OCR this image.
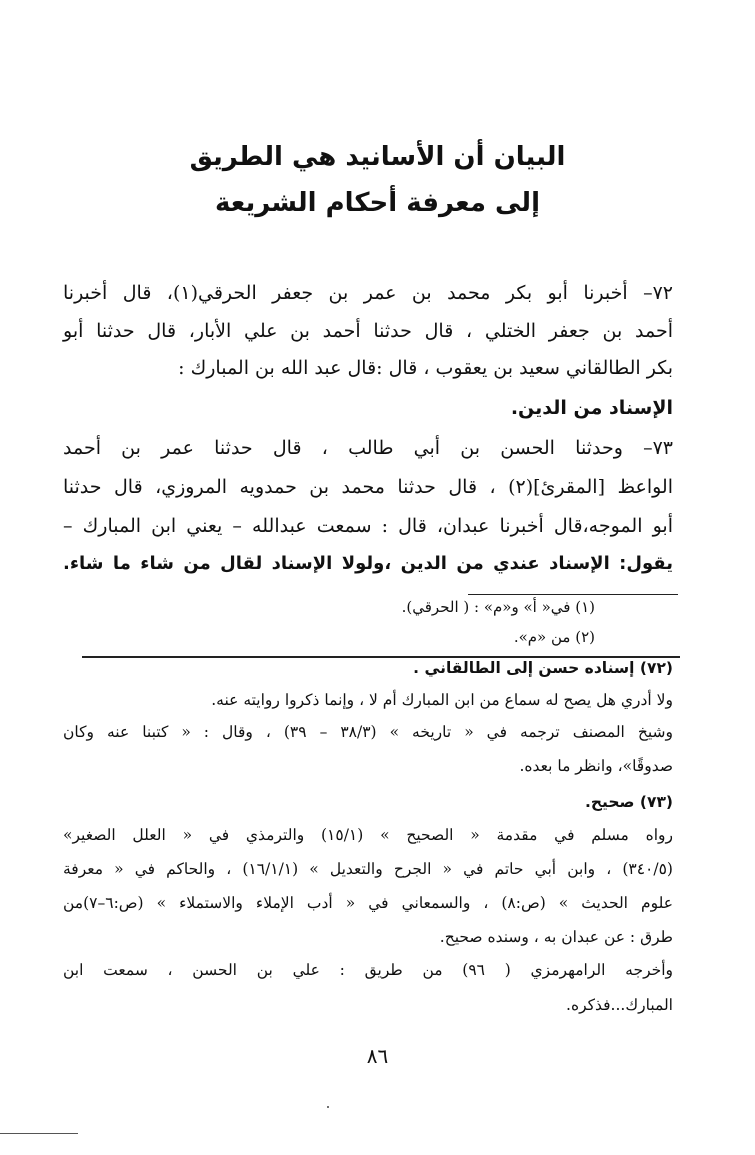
البيان أن الأسانيد هي الطريق
إلى معرفة أحكام الشريعة
٧٢– أخبرنا أبو بكر محمد بن عمر بن جعفر الحرقي(١)، قال أخبرنا
أحمد بن جعفر الختلي ، قال حدثنا أحمد بن علي الأبار، قال حدثنا أبو
بكر الطالقاني سعيد بن يعقوب ، قال :قال عبد الله بن المبارك :
الإسناد من الدين.
٧٣– وحدثنا الحسن بن أبي طالب ، قال حدثنا عمر بن أحمد
الواعظ [المقرئ](٢) ، قال حدثنا محمد بن حمدويه المروزي، قال حدثنا
أبو الموجه،قال أخبرنا عبدان، قال : سمعت عبدالله – يعني ابن المبارك –
يقول: الإسناد عندي من الدين ،ولولا الإسناد لقال من شاء ما شاء.
(١) في« أ» و«م» : ( الحرقي).
(٢) من «م».
(٧٢) إسناده حسن إلى الطالقاني .
ولا أدري هل يصح له سماع من ابن المبارك أم لا ، وإنما ذكروا روايته عنه.
وشيخ المصنف ترجمه في « تاريخه » (٣٨/٣ – ٣٩) ، وقال : « كتبنا عنه وكان
صدوقًا»، وانظر ما بعده.
(٧٣) صحيح.
رواه مسلم في مقدمة « الصحيح » (١٥/١) والترمذي في « العلل الصغير»
(٣٤٠/٥) ، وابن أبي حاتم في « الجرح والتعديل » (١٦/١/١) ، والحاكم في « معرفة
علوم الحديث » (ص:٨) ، والسمعاني في « أدب الإملاء والاستملاء » (ص:٦–٧)من
طرق : عن عبدان به ، وسنده صحيح.
وأخرجه الرامهرمزي ( ٩٦) من طريق : علي بن الحسن ، سمعت ابن
المبارك...فذكره.
٨٦
